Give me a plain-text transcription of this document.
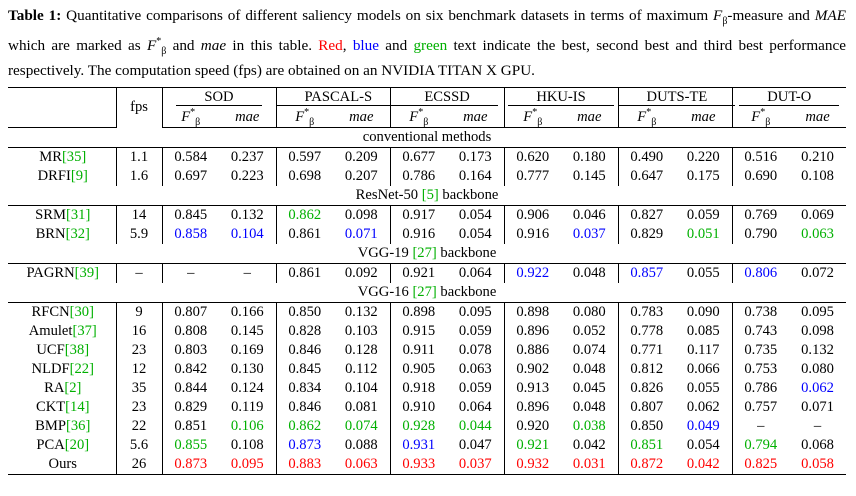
Table 1: Quantitative comparisons of different saliency models on six benchmark datasets in terms of maximum $F_\beta$-measure and MAE which are marked as $F^*_\beta$ and mae in this table. Red, blue and green text indicate the best, second best and third best performance respectively. The computation speed (fps) are obtained on an NVIDIA TITAN X GPU.

	fps	SOD		PASCAL-S		ECSSD		HKU-IS		DUTS-TE		DUT-O	
		$F^*_\beta$	mae	$F^*_\beta$	mae	$F^*_\beta$	mae	$F^*_\beta$	mae	$F^*_\beta$	mae	$F^*_\beta$	mae
conventional methods													
MR[35]	1.1	0.584	0.237	0.597	0.209	0.677	0.173	0.620	0.180	0.490	0.220	0.516	0.210
DRFI[9]	1.6	0.697	0.223	0.698	0.207	0.786	0.164	0.777	0.145	0.647	0.175	0.690	0.108
ResNet-50 [5] backbone													
SRM[31]	14	0.845	0.132	0.862	0.098	0.917	0.054	0.906	0.046	0.827	0.059	0.769	0.069
BRN[32]	5.9	0.858	0.104	0.861	0.071	0.916	0.054	0.916	0.037	0.829	0.051	0.790	0.063
VGG-19 [27] backbone													
PAGRN[39]	–	–	–	0.861	0.092	0.921	0.064	0.922	0.048	0.857	0.055	0.806	0.072
VGG-16 [27] backbone													
RFCN[30]	9	0.807	0.166	0.850	0.132	0.898	0.095	0.898	0.080	0.783	0.090	0.738	0.095
Amulet[37]	16	0.808	0.145	0.828	0.103	0.915	0.059	0.896	0.052	0.778	0.085	0.743	0.098
UCF[38]	23	0.803	0.169	0.846	0.128	0.911	0.078	0.886	0.074	0.771	0.117	0.735	0.132
NLDF[22]	12	0.842	0.130	0.845	0.112	0.905	0.063	0.902	0.048	0.812	0.066	0.753	0.080
RA[2]	35	0.844	0.124	0.834	0.104	0.918	0.059	0.913	0.045	0.826	0.055	0.786	0.062
CKT[14]	23	0.829	0.119	0.846	0.081	0.910	0.064	0.896	0.048	0.807	0.062	0.757	0.071
BMP[36]	22	0.851	0.106	0.862	0.074	0.928	0.044	0.920	0.038	0.850	0.049	–	–
PCA[20]	5.6	0.855	0.108	0.873	0.088	0.931	0.047	0.921	0.042	0.851	0.054	0.794	0.068
Ours	26	0.873	0.095	0.883	0.063	0.933	0.037	0.932	0.031	0.872	0.042	0.825	0.058
